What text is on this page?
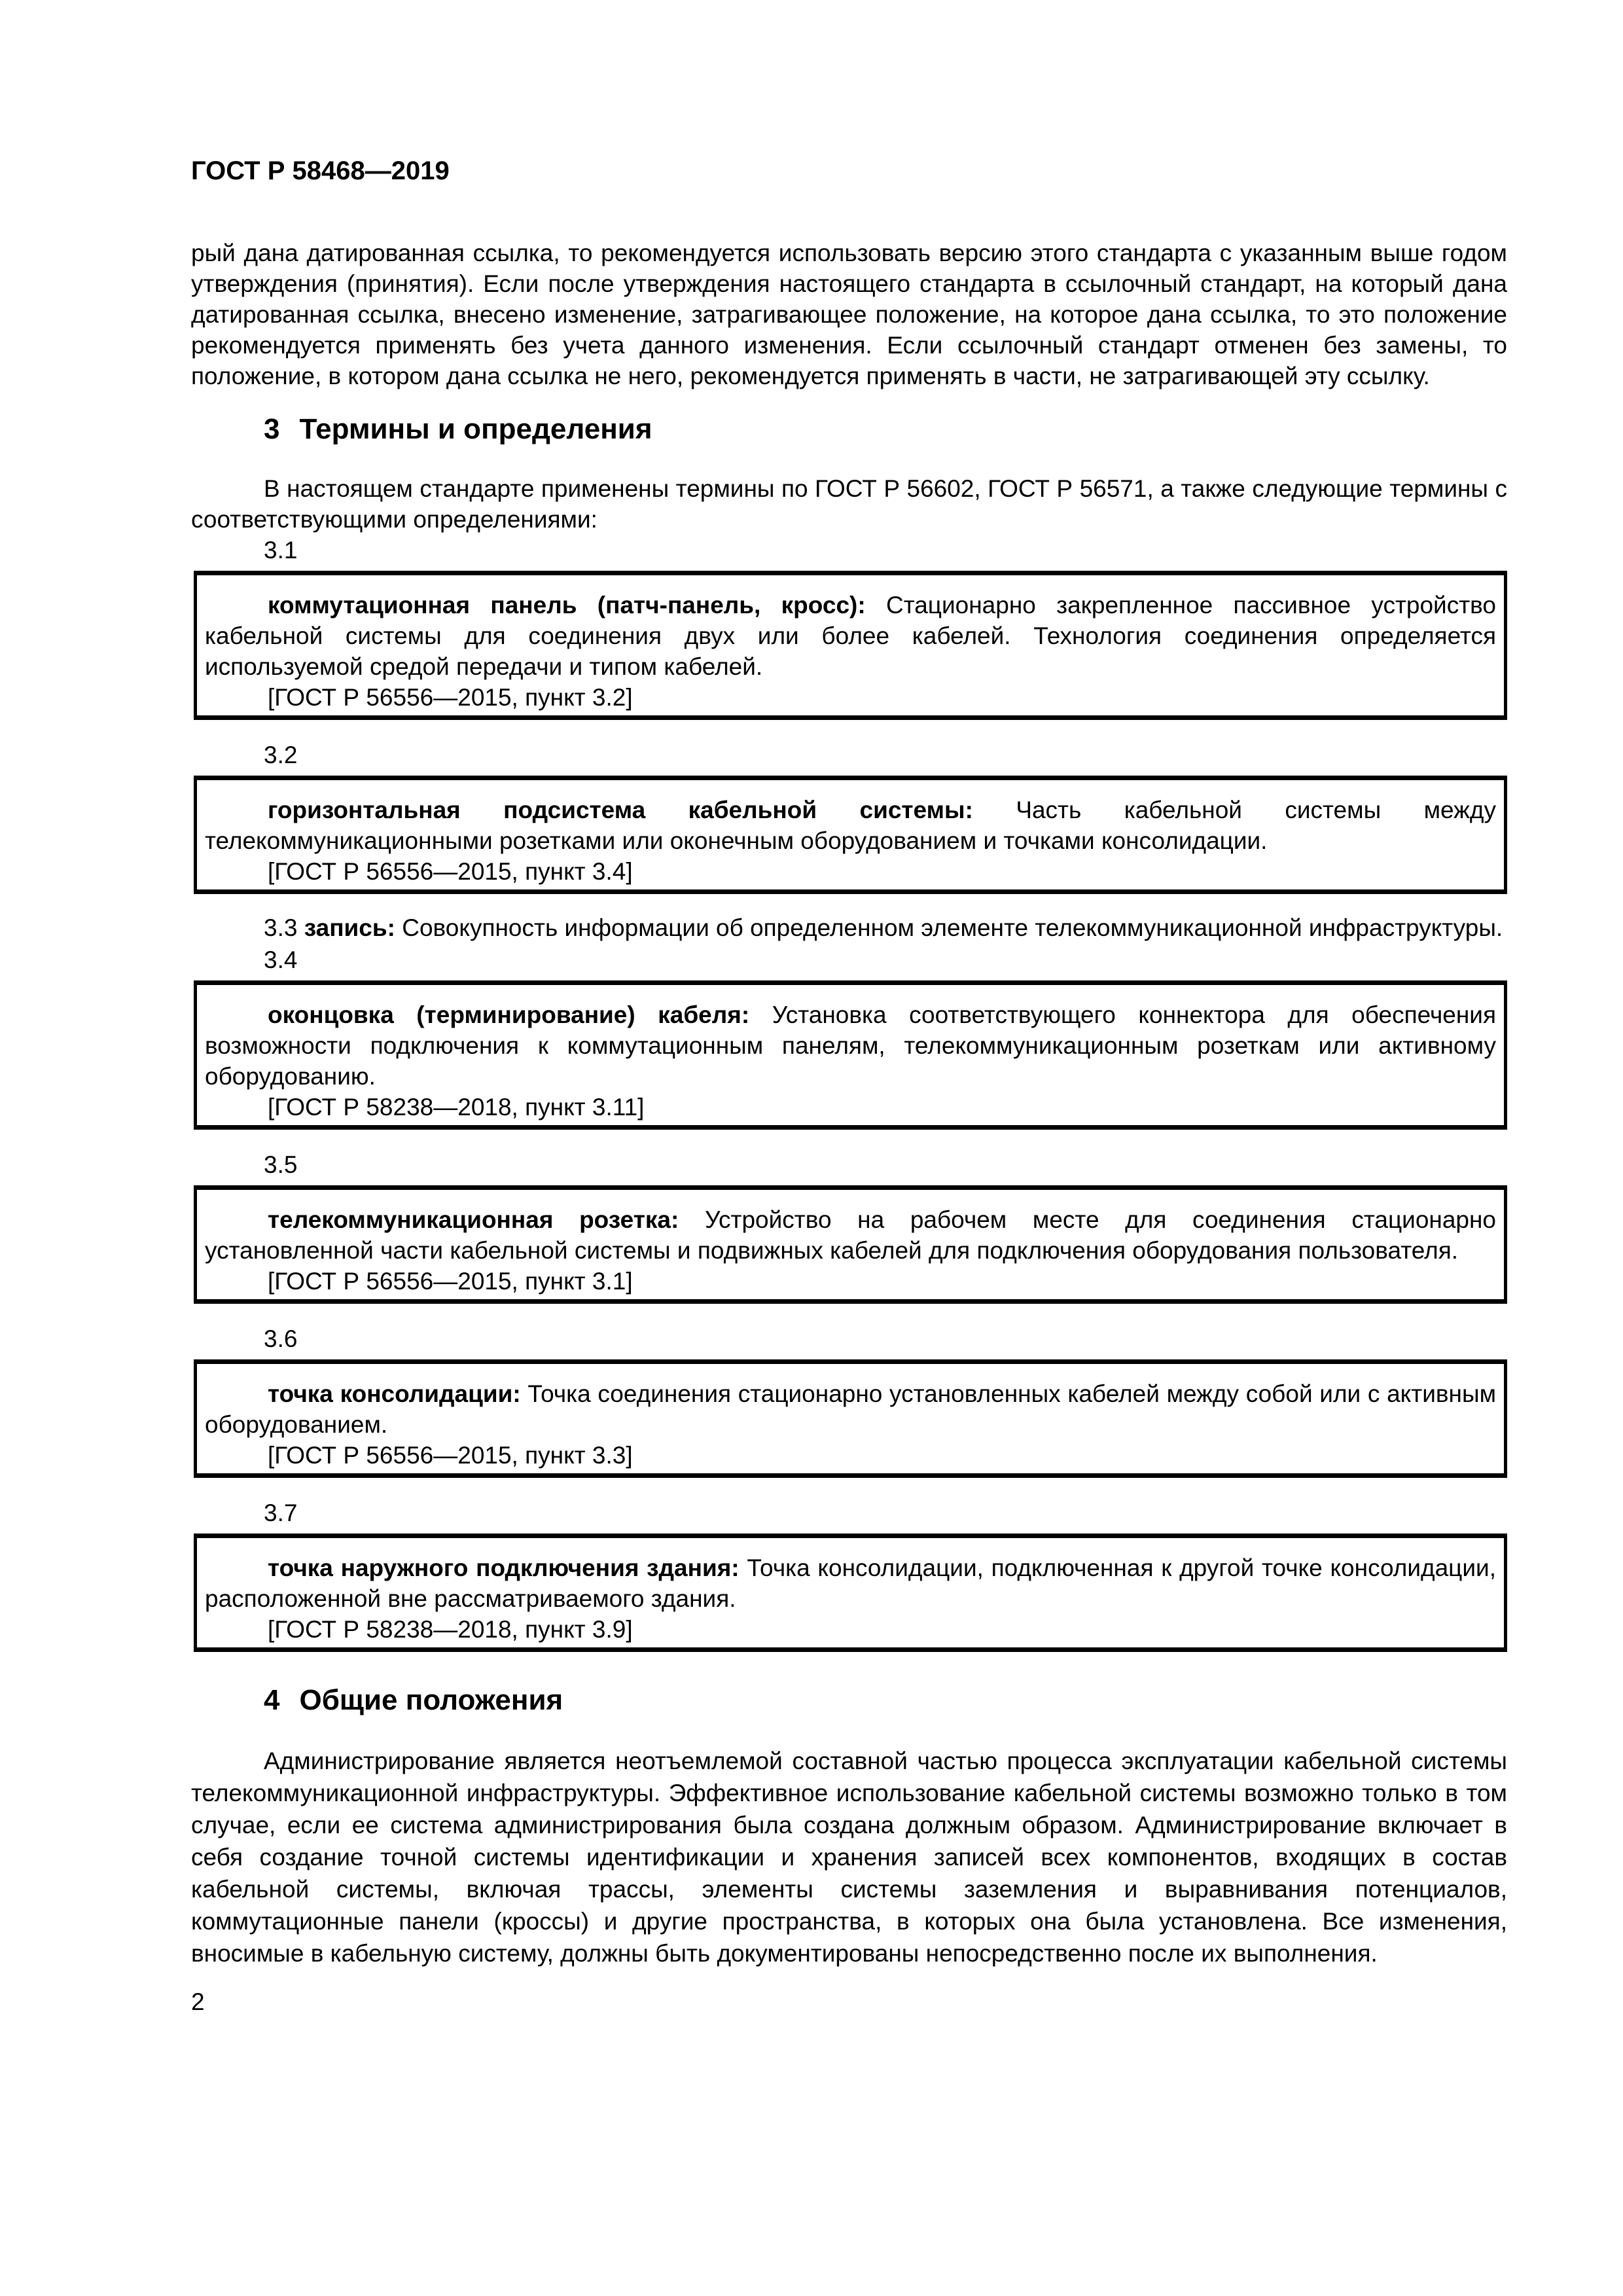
ГОСТ Р 58468—2019

рый дана датированная ссылка, то рекомендуется использовать версию этого стандарта с указанным выше годом утверждения (принятия). Если после утверждения настоящего стандарта в ссылочный стандарт, на который дана датированная ссылка, внесено изменение, затрагивающее положение, на которое дана ссылка, то это положение рекомендуется применять без учета данного изменения. Если ссылочный стандарт отменен без замены, то положение, в котором дана ссылка не него, рекомендуется применять в части, не затрагивающей эту ссылку.

3 Термины и определения

В настоящем стандарте применены термины по ГОСТ Р 56602, ГОСТ Р 56571, а также следующие термины с соответствующими определениями:

3.1

коммутационная панель (патч-панель, кросс): Стационарно закрепленное пассивное устройство кабельной системы для соединения двух или более кабелей. Технология соединения определяется используемой средой передачи и типом кабелей.

[ГОСТ Р 56556—2015, пункт 3.2]

3.2

горизонтальная подсистема кабельной системы: Часть кабельной системы между телекоммуникационными розетками или оконечным оборудованием и точками консолидации.

[ГОСТ Р 56556—2015, пункт 3.4]

3.3 запись: Совокупность информации об определенном элементе телекоммуникационной инфраструктуры.

3.4

оконцовка (терминирование) кабеля: Установка соответствующего коннектора для обеспечения возможности подключения к коммутационным панелям, телекоммуникационным розеткам или активному оборудованию.

[ГОСТ Р 58238—2018, пункт 3.11]

3.5

телекоммуникационная розетка: Устройство на рабочем месте для соединения стационарно установленной части кабельной системы и подвижных кабелей для подключения оборудования пользователя.

[ГОСТ Р 56556—2015, пункт 3.1]

3.6

точка консолидации: Точка соединения стационарно установленных кабелей между собой или с активным оборудованием.

[ГОСТ Р 56556—2015, пункт 3.3]

3.7

точка наружного подключения здания: Точка консолидации, подключенная к другой точке консолидации, расположенной вне рассматриваемого здания.

[ГОСТ Р 58238—2018, пункт 3.9]

4 Общие положения

Администрирование является неотъемлемой составной частью процесса эксплуатации кабельной системы телекоммуникационной инфраструктуры. Эффективное использование кабельной системы возможно только в том случае, если ее система администрирования была создана должным образом. Администрирование включает в себя создание точной системы идентификации и хранения записей всех компонентов, входящих в состав кабельной системы, включая трассы, элементы системы заземления и выравнивания потенциалов, коммутационные панели (кроссы) и другие пространства, в которых она была установлена. Все изменения, вносимые в кабельную систему, должны быть документированы непосредственно после их выполнения.

2
